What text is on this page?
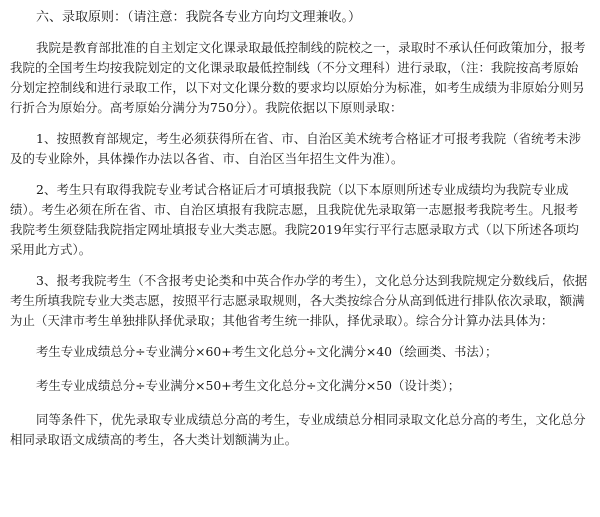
六、录取原则：（请注意：我院各专业方向均文理兼收。）

我院是教育部批准的自主划定文化课录取最低控制线的院校之一，录取时不承认任何政策加分，报考我院的全国考生均按我院划定的文化课录取最低控制线（不分文理科）进行录取，（注：我院按高考原始分划定控制线和进行录取工作，以下对文化课分数的要求均以原始分为标准，如考生成绩为非原始分则另行折合为原始分。高考原始分满分为750分）。我院依据以下原则录取：

1、按照教育部规定，考生必须获得所在省、市、自治区美术统考合格证才可报考我院（省统考未涉及的专业除外，具体操作办法以各省、市、自治区当年招生文件为准）。

2、考生只有取得我院专业考试合格证后才可填报我院（以下本原则所述专业成绩均为我院专业成绩）。考生必须在所在省、市、自治区填报有我院志愿，且我院优先录取第一志愿报考我院考生。凡报考我院考生须登陆我院指定网址填报专业大类志愿。我院2019年实行平行志愿录取方式（以下所述各项均采用此方式）。

3、报考我院考生（不含报考史论类和中英合作办学的考生），文化总分达到我院规定分数线后，依据考生所填我院专业大类志愿，按照平行志愿录取规则，各大类按综合分从高到低进行排队依次录取，额满为止（天津市考生单独排队择优录取；其他省考生统一排队，择优录取）。综合分计算办法具体为：

考生专业成绩总分÷专业满分×60+考生文化总分÷文化满分×40（绘画类、书法）；
考生专业成绩总分÷专业满分×50+考生文化总分÷文化满分×50（设计类）；

同等条件下，优先录取专业成绩总分高的考生，专业成绩总分相同录取文化总分高的考生，文化总分相同录取语文成绩高的考生，各大类计划额满为止。
